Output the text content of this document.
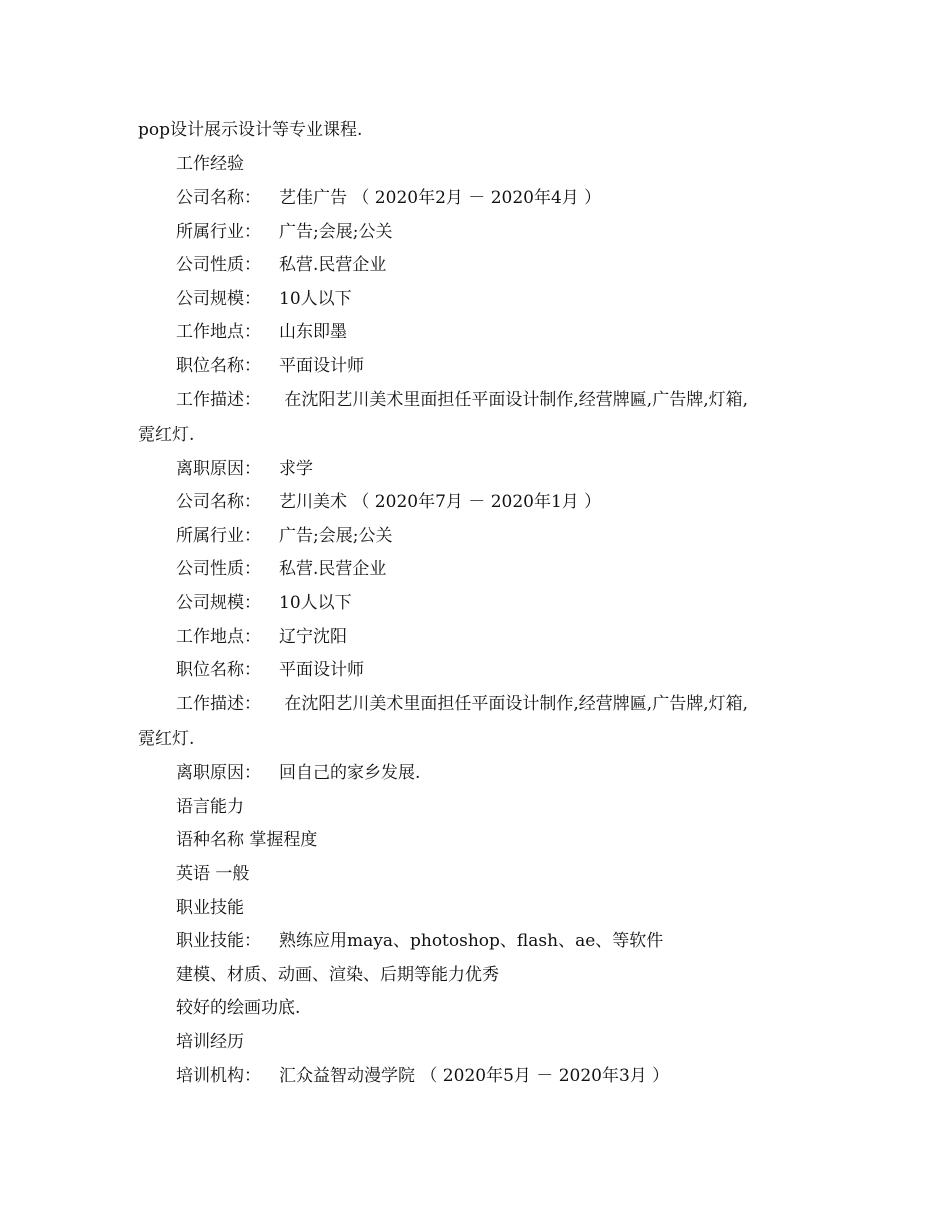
pop设计展示设计等专业课程.
工作经验
公司名称： 艺佳广告 （ 2020年2月 － 2020年4月 ）
所属行业： 广告;会展;公关
公司性质： 私营.民营企业
公司规模： 10人以下
工作地点： 山东即墨
职位名称： 平面设计师
工作描述： 在沈阳艺川美术里面担任平面设计制作,经营牌匾,广告牌,灯箱,
霓红灯.
离职原因： 求学
公司名称： 艺川美术 （ 2020年7月 － 2020年1月 ）
所属行业： 广告;会展;公关
公司性质： 私营.民营企业
公司规模： 10人以下
工作地点： 辽宁沈阳
职位名称： 平面设计师
工作描述： 在沈阳艺川美术里面担任平面设计制作,经营牌匾,广告牌,灯箱,
霓红灯.
离职原因： 回自己的家乡发展.
语言能力
语种名称 掌握程度
英语 一般
职业技能
职业技能： 熟练应用maya、photoshop、flash、ae、等软件
建模、材质、动画、渲染、后期等能力优秀
较好的绘画功底.
培训经历
培训机构： 汇众益智动漫学院 （ 2020年5月 － 2020年3月 ）
